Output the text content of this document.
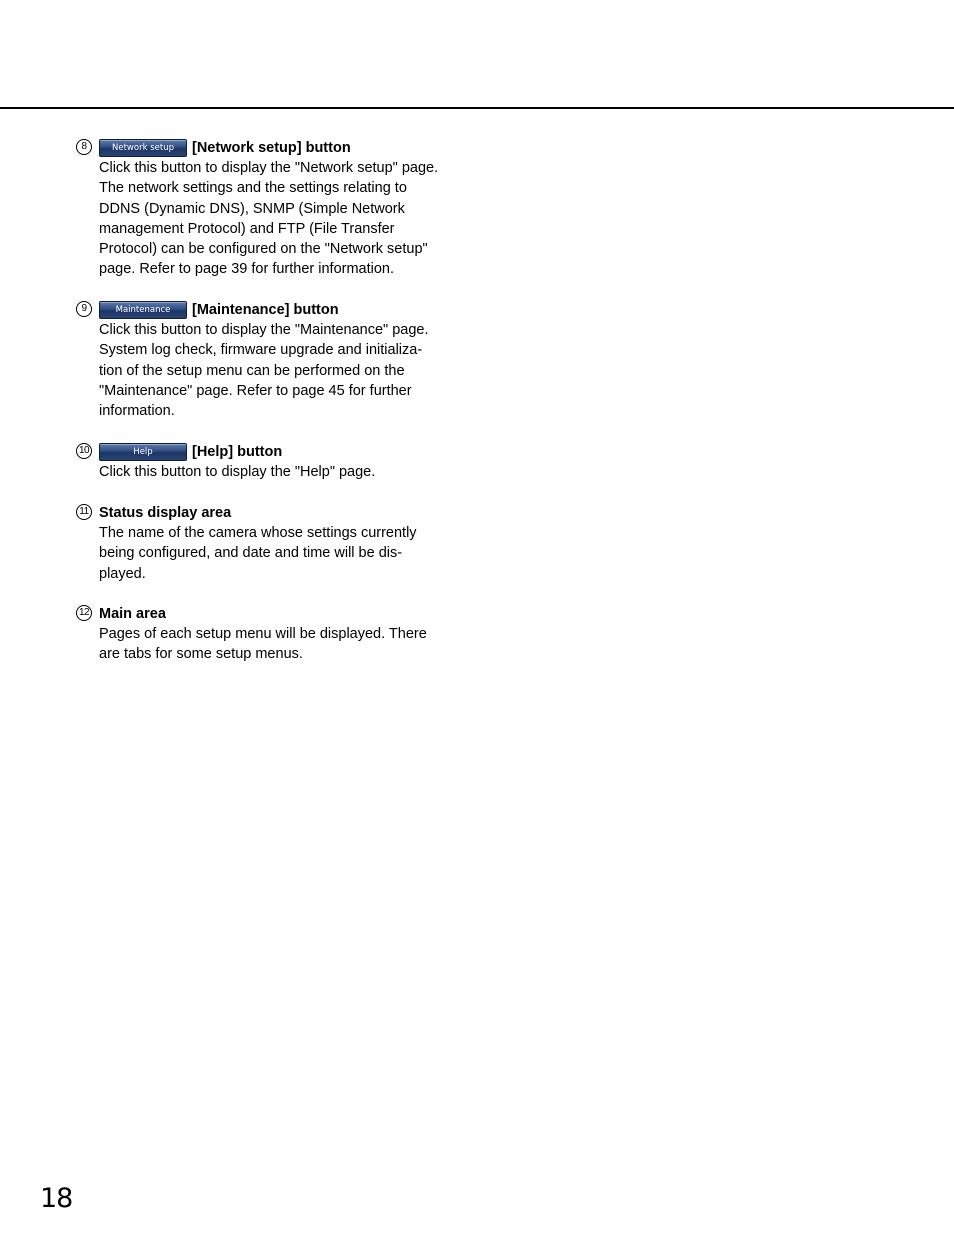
8	Network setup	[Network setup] button
Click this button to display the "Network setup" page.
The network settings and the settings relating to
DDNS (Dynamic DNS), SNMP (Simple Network
management Protocol) and FTP (File Transfer
Protocol) can be configured on the "Network setup"
page. Refer to page 39 for further information.
9	Maintenance	[Maintenance] button
Click this button to display the "Maintenance" page.
System log check, firmware upgrade and initializa-
tion of the setup menu can be performed on the
"Maintenance" page. Refer to page 45 for further
information.
10	Help	[Help] button
Click this button to display the "Help" page.
11 Status display area
The name of the camera whose settings currently
being configured, and date and time will be dis-
played.
12 Main area
Pages of each setup menu will be displayed. There
are tabs for some setup menus.
18
